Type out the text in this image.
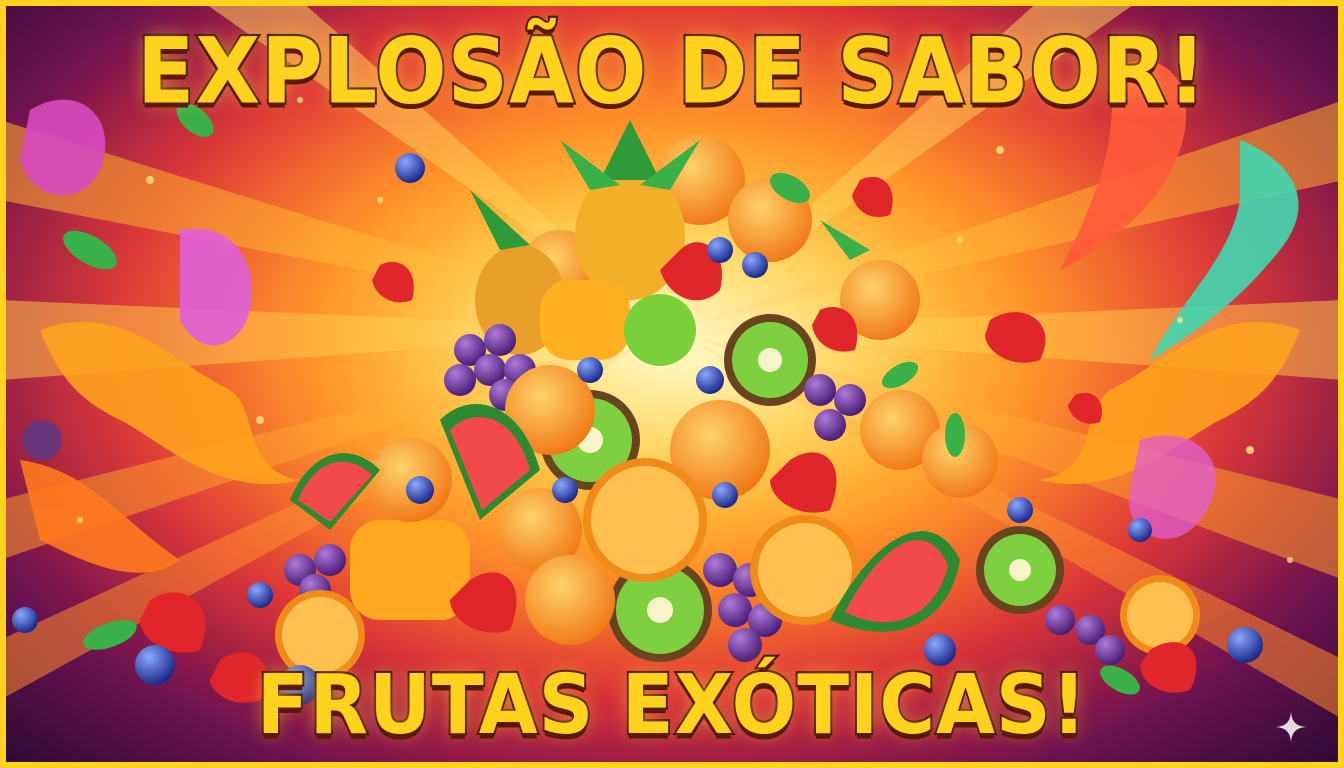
EXPLOSÃO DE SABOR!
FRUTAS EXÓTICAS!
